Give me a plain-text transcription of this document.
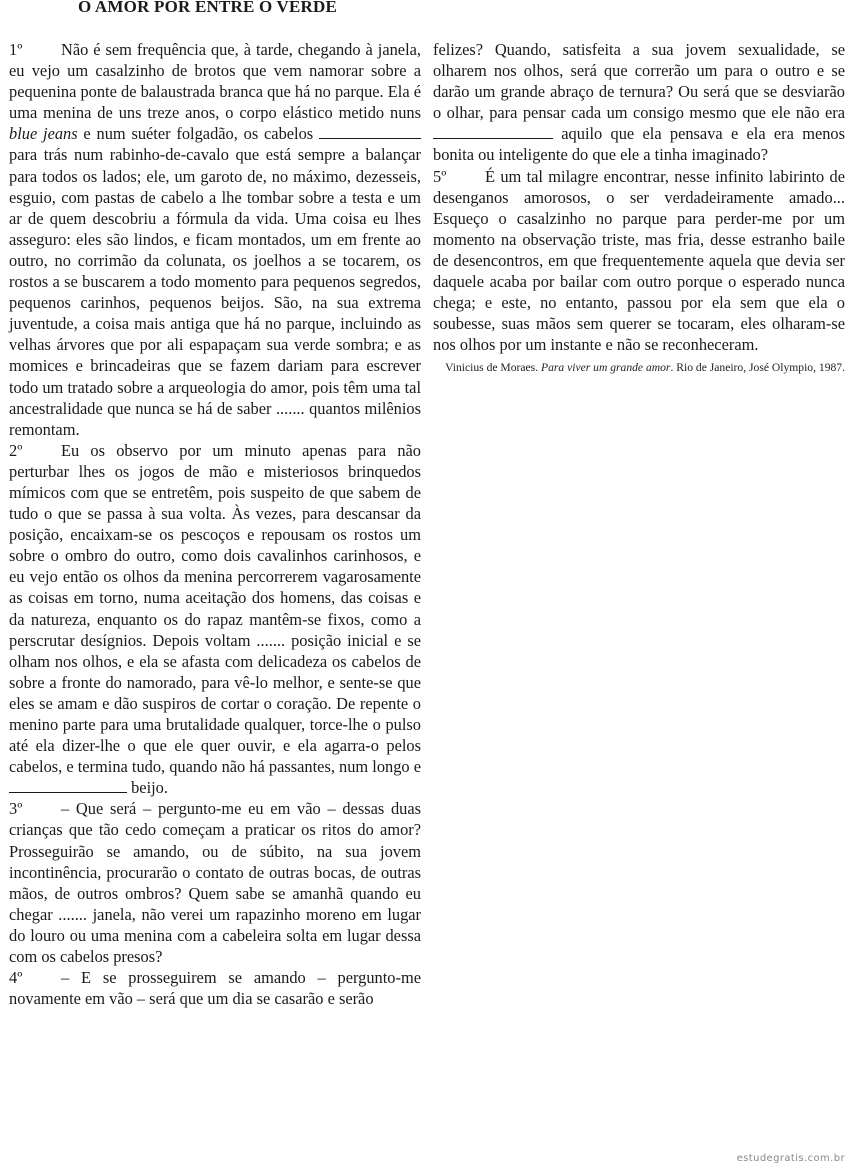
O AMOR POR ENTRE O VERDE

1º Não é sem frequência que, à tarde, chegando à janela, eu vejo um casalzinho de brotos que vem namorar sobre a pequenina ponte de balaustrada branca que há no parque. Ela é uma menina de uns treze anos, o corpo elástico metido nuns blue jeans e num suéter folgadão, os cabelos  para trás num rabinho-de-cavalo que está sempre a balançar para todos os lados; ele, um garoto de, no máximo, dezesseis, esguio, com pastas de cabelo a lhe tombar sobre a testa e um ar de quem descobriu a fórmula da vida. Uma coisa eu lhes asseguro: eles são lindos, e ficam montados, um em frente ao outro, no corrimão da colunata, os joelhos a se tocarem, os rostos a se buscarem a todo momento para pequenos segredos, pequenos carinhos, pequenos beijos. São, na sua extrema juventude, a coisa mais antiga que há no parque, incluindo as velhas árvores que por ali espapaçam sua verde sombra; e as momices e brincadeiras que se fazem dariam para escrever todo um tratado sobre a arqueologia do amor, pois têm uma tal ancestralidade que nunca se há de saber ....... quantos milênios remontam.

2º Eu os observo por um minuto apenas para não perturbar lhes os jogos de mão e misteriosos brinquedos mímicos com que se entretêm, pois suspeito de que sabem de tudo o que se passa à sua volta. Às vezes, para descansar da posição, encaixam-se os pescoços e repousam os rostos um sobre o ombro do outro, como dois cavalinhos carinhosos, e eu vejo então os olhos da menina percorrerem vagarosamente as coisas em torno, numa aceitação dos homens, das coisas e da natureza, enquanto os do rapaz mantêm-se fixos, como a perscrutar desígnios. Depois voltam ....... posição inicial e se olham nos olhos, e ela se afasta com delicadeza os cabelos de sobre a fronte do namorado, para vê-lo melhor, e sente-se que eles se amam e dão suspiros de cortar o coração. De repente o menino parte para uma brutalidade qualquer, torce-lhe o pulso até ela dizer-lhe o que ele quer ouvir, e ela agarra-o pelos cabelos, e termina tudo, quando não há passantes, num longo e  beijo.

3º – Que será – pergunto-me eu em vão – dessas duas crianças que tão cedo começam a praticar os ritos do amor? Prosseguirão se amando, ou de súbito, na sua jovem incontinência, procurarão o contato de outras bocas, de outras mãos, de outros ombros? Quem sabe se amanhã quando eu chegar ....... janela, não verei um rapazinho moreno em lugar do louro ou uma menina com a cabeleira solta em lugar dessa com os cabelos presos?

4º – E se prosseguirem se amando – pergunto-me novamente em vão – será que um dia se casarão e serão

felizes? Quando, satisfeita a sua jovem sexualidade, se olharem nos olhos, será que correrão um para o outro e se darão um grande abraço de ternura? Ou será que se desviarão o olhar, para pensar cada um consigo mesmo que ele não era  aquilo que ela pensava e ela era menos bonita ou inteligente do que ele a tinha imaginado?

5º É um tal milagre encontrar, nesse infinito labirinto de desenganos amorosos, o ser verdadeiramente amado... Esqueço o casalzinho no parque para perder-me por um momento na observação triste, mas fria, desse estranho baile de desencontros, em que frequentemente aquela que devia ser daquele acaba por bailar com outro porque o esperado nunca chega; e este, no entanto, passou por ela sem que ela o soubesse, suas mãos sem querer se tocaram, eles olharam-se nos olhos por um instante e não se reconheceram.

Vinicius de Moraes. Para viver um grande amor. Rio de Janeiro, José Olympio, 1987.

estudegratis.com.br
